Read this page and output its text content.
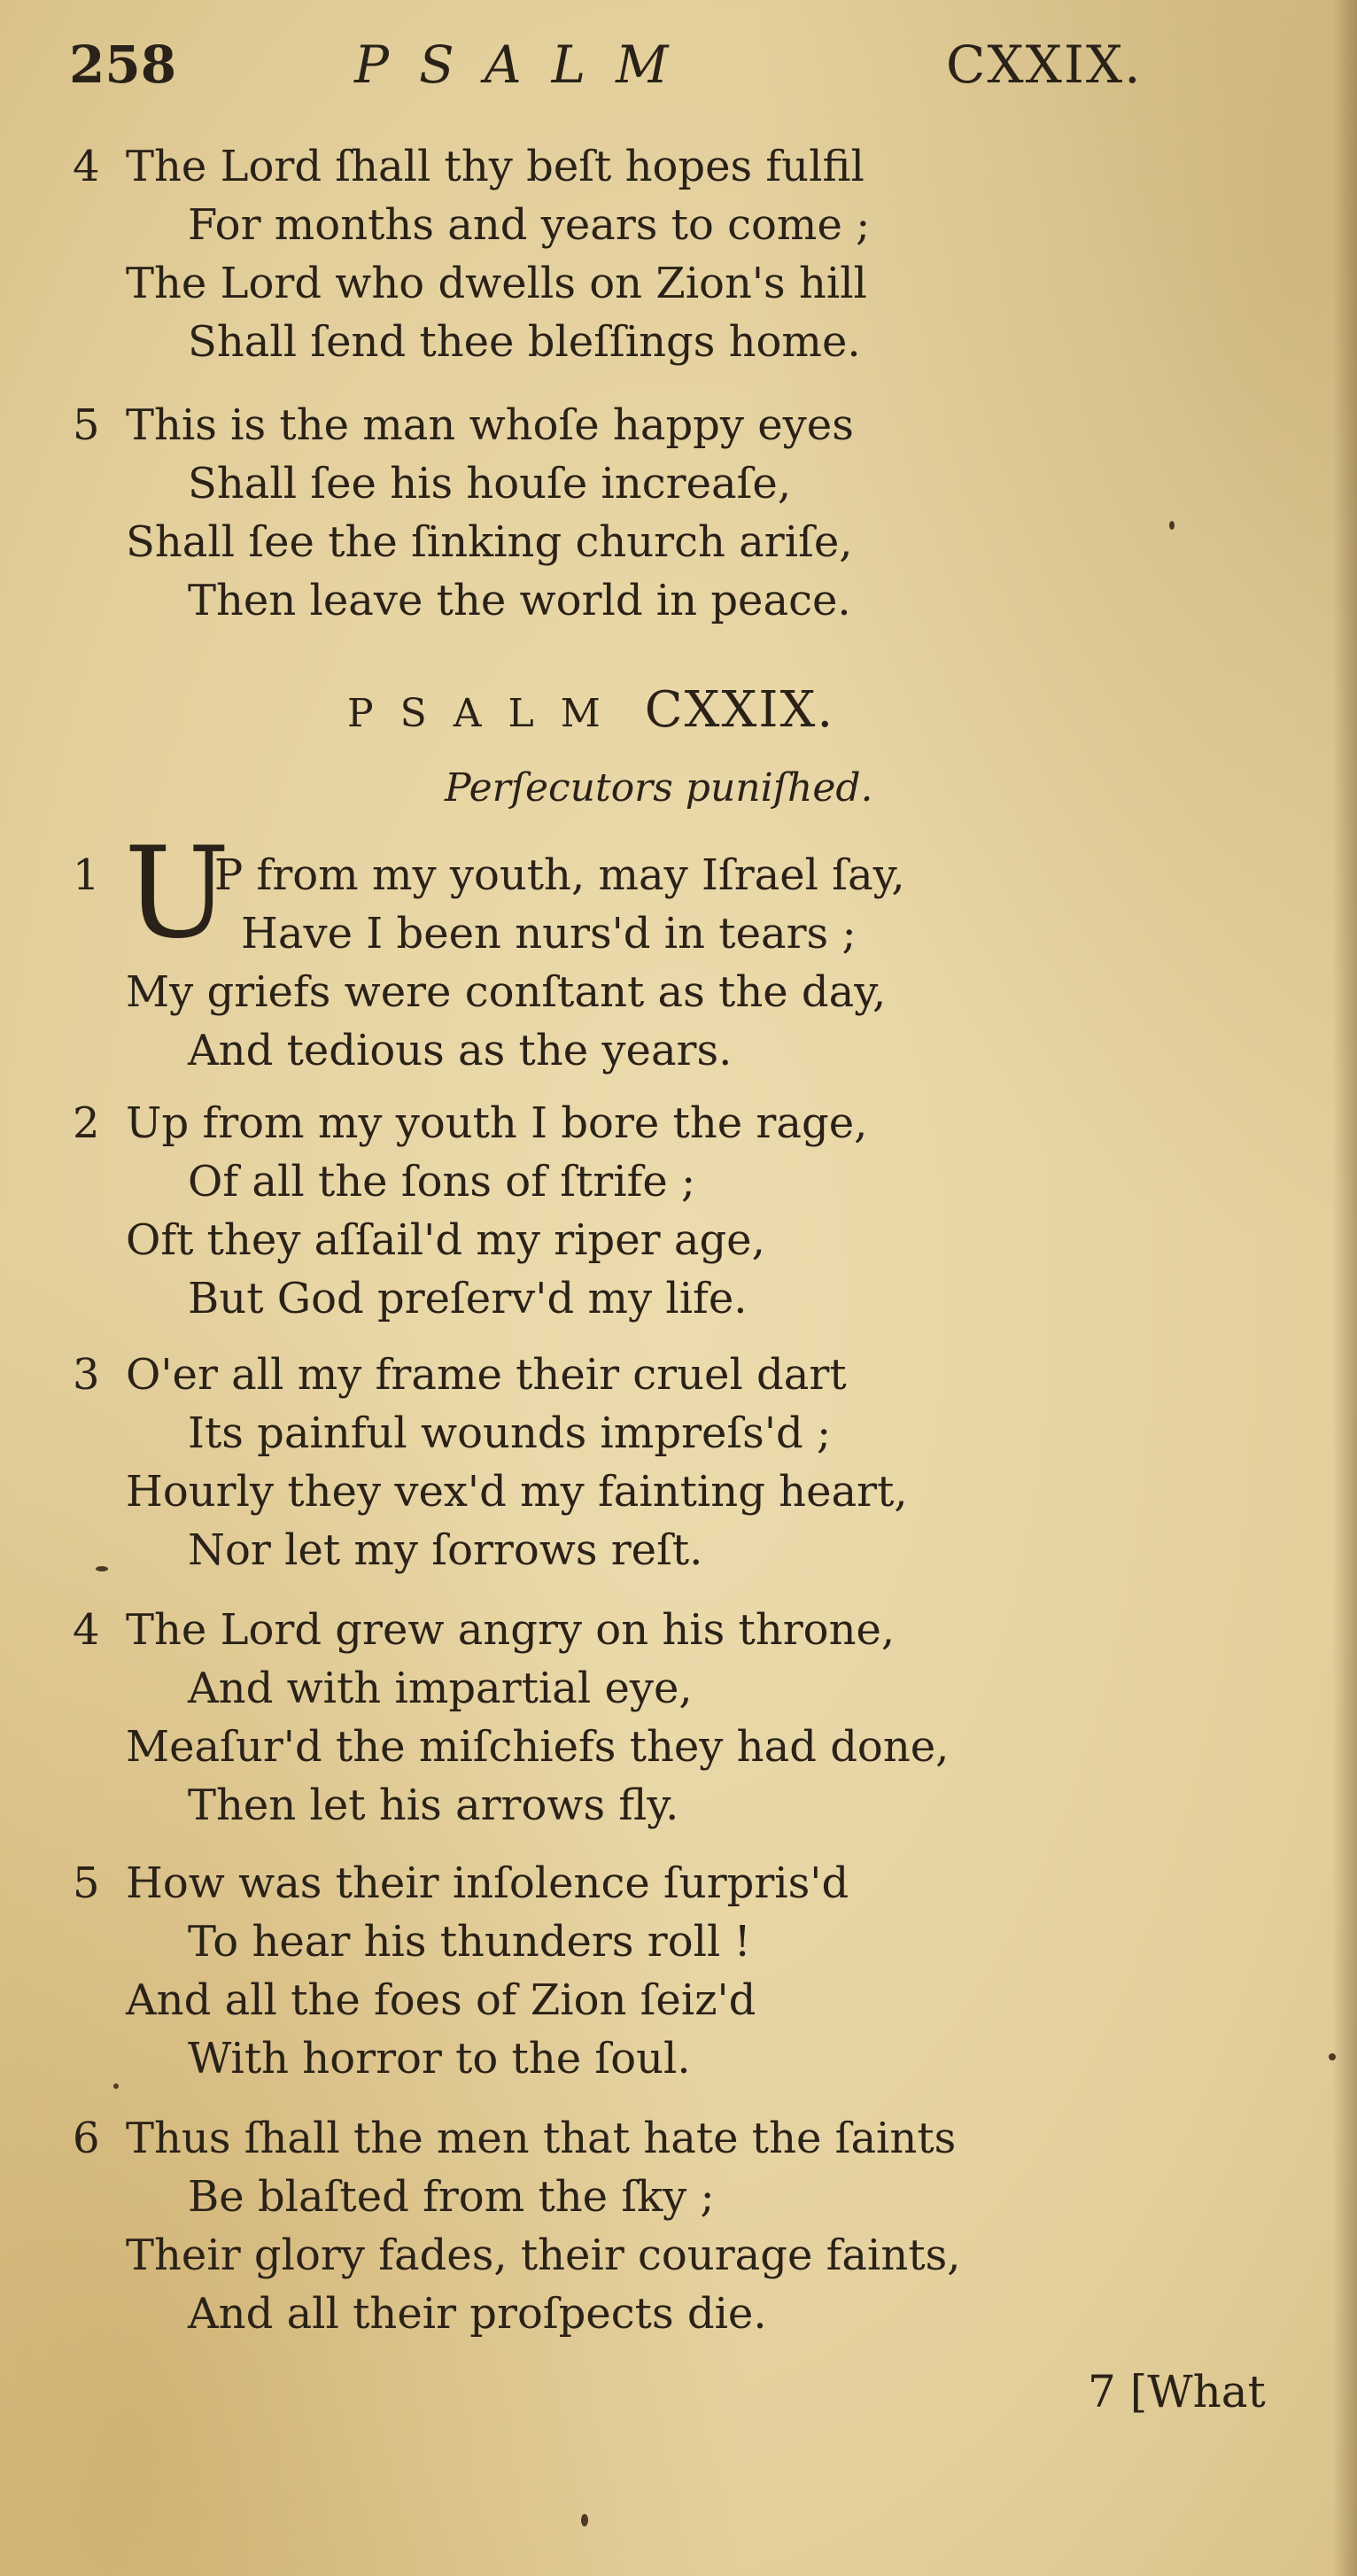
258	PSALM	CXXIX.
4 The Lord ſhall thy beſt hopes fulfil
For months and years to come ;
The Lord who dwells on Zion's hill
Shall ſend thee bleſſings home.
5 This is the man whoſe happy eyes
Shall ſee his houſe increaſe,
Shall ſee the ſinking church ariſe,
Then leave the world in peace.
PSALM CXXIX.
Perſecutors puniſhed.
1	P from my youth, may Iſrael ſay,
Have I been nurs'd in tears ;
My griefs were conſtant as the day,
And tedious as the years.
U
2 Up from my youth I bore the rage,
Of all the ſons of ſtrife ;
Oft they aſſail'd my riper age,
But God preſerv'd my life.
3 O'er all my frame their cruel dart
Its painful wounds impreſs'd ;
Hourly they vex'd my fainting heart,
Nor let my ſorrows reſt.
4 The Lord grew angry on his throne,
And with impartial eye,
Meaſur'd the miſchiefs they had done,
Then let his arrows fly.
5 How was their inſolence ſurpris'd
To hear his thunders roll !
And all the foes of Zion ſeiz'd
With horror to the ſoul.
6 Thus ſhall the men that hate the ſaints
Be blaſted from the ſky ;
Their glory fades, their courage faints,
And all their proſpects die.
7 [What
